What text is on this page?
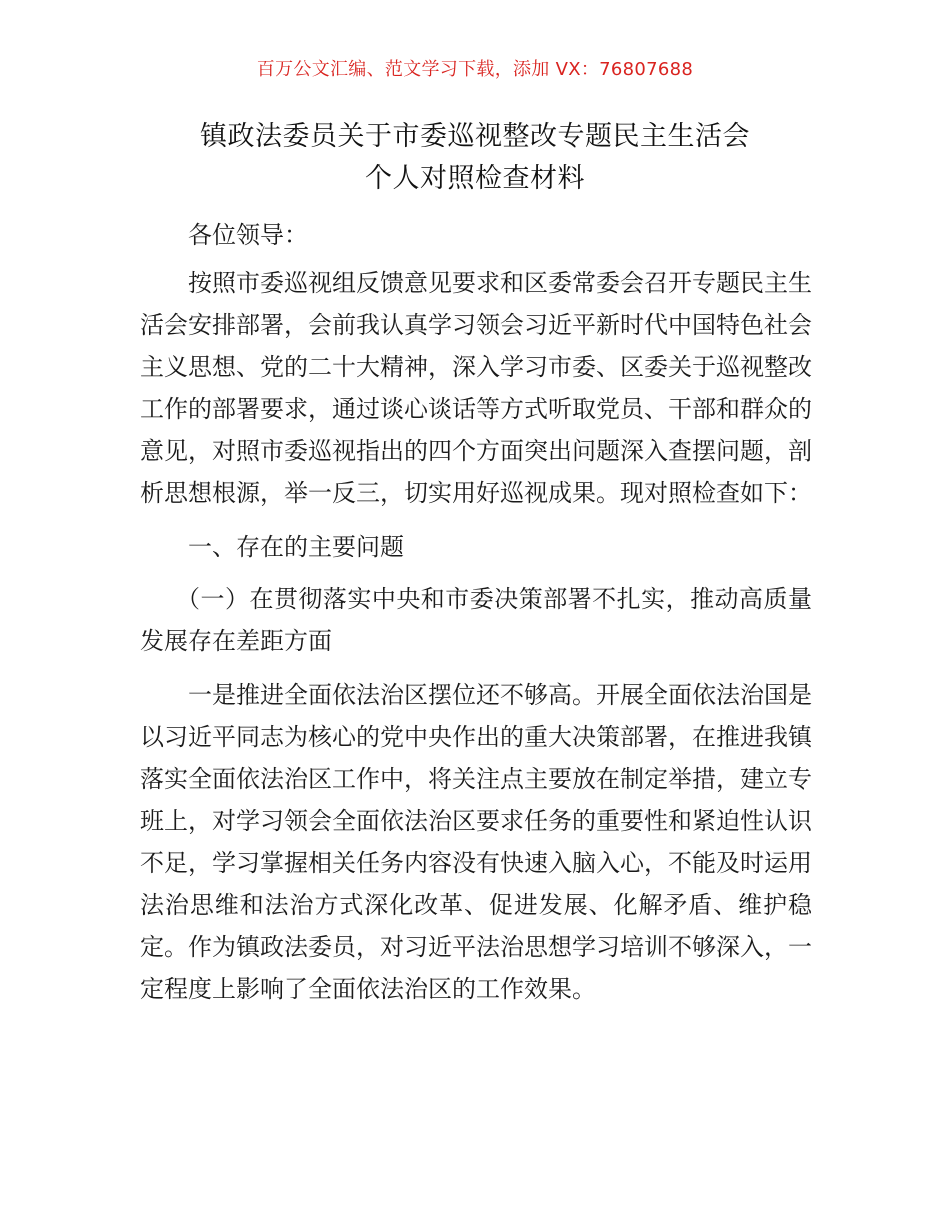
百万公文汇编、范文学习下载，添加 VX：76807688
镇政法委员关于市委巡视整改专题民主生活会
个人对照检查材料

各位领导：

按照市委巡视组反馈意见要求和区委常委会召开专题民主生活会安排部署，会前我认真学习领会习近平新时代中国特色社会主义思想、党的二十大精神，深入学习市委、区委关于巡视整改工作的部署要求，通过谈心谈话等方式听取党员、干部和群众的意见，对照市委巡视指出的四个方面突出问题深入查摆问题，剖析思想根源，举一反三，切实用好巡视成果。现对照检查如下：

一、存在的主要问题

（一）在贯彻落实中央和市委决策部署不扎实，推动高质量发展存在差距方面

一是推进全面依法治区摆位还不够高。开展全面依法治国是以习近平同志为核心的党中央作出的重大决策部署，在推进我镇落实全面依法治区工作中，将关注点主要放在制定举措，建立专班上，对学习领会全面依法治区要求任务的重要性和紧迫性认识不足，学习掌握相关任务内容没有快速入脑入心，不能及时运用法治思维和法治方式深化改革、促进发展、化解矛盾、维护稳定。作为镇政法委员，对习近平法治思想学习培训不够深入，一定程度上影响了全面依法治区的工作效果。
